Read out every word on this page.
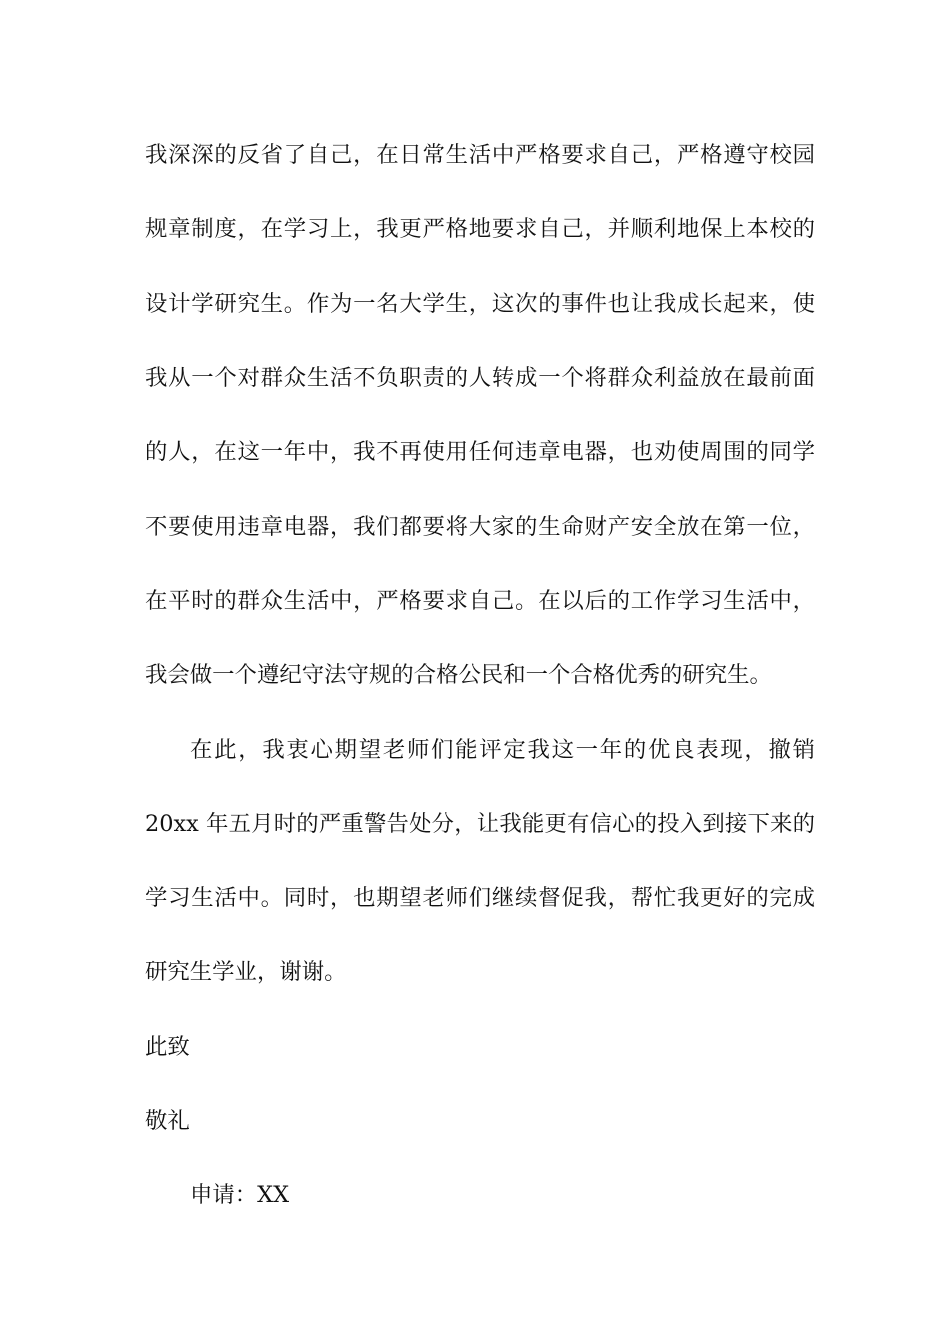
我深深的反省了自己，在日常生活中严格要求自己，严格遵守校园
规章制度，在学习上，我更严格地要求自己，并顺利地保上本校的
设计学研究生。作为一名大学生，这次的事件也让我成长起来，使
我从一个对群众生活不负职责的人转成一个将群众利益放在最前面
的人，在这一年中，我不再使用任何违章电器，也劝使周围的同学
不要使用违章电器，我们都要将大家的生命财产安全放在第一位，
在平时的群众生活中，严格要求自己。在以后的工作学习生活中，
我会做一个遵纪守法守规的合格公民和一个合格优秀的研究生。
在此，我衷心期望老师们能评定我这一年的优良表现，撤销
20xx 年五月时的严重警告处分，让我能更有信心的投入到接下来的
学习生活中。同时，也期望老师们继续督促我，帮忙我更好的完成
研究生学业，谢谢。
此致
敬礼
申请：XX
